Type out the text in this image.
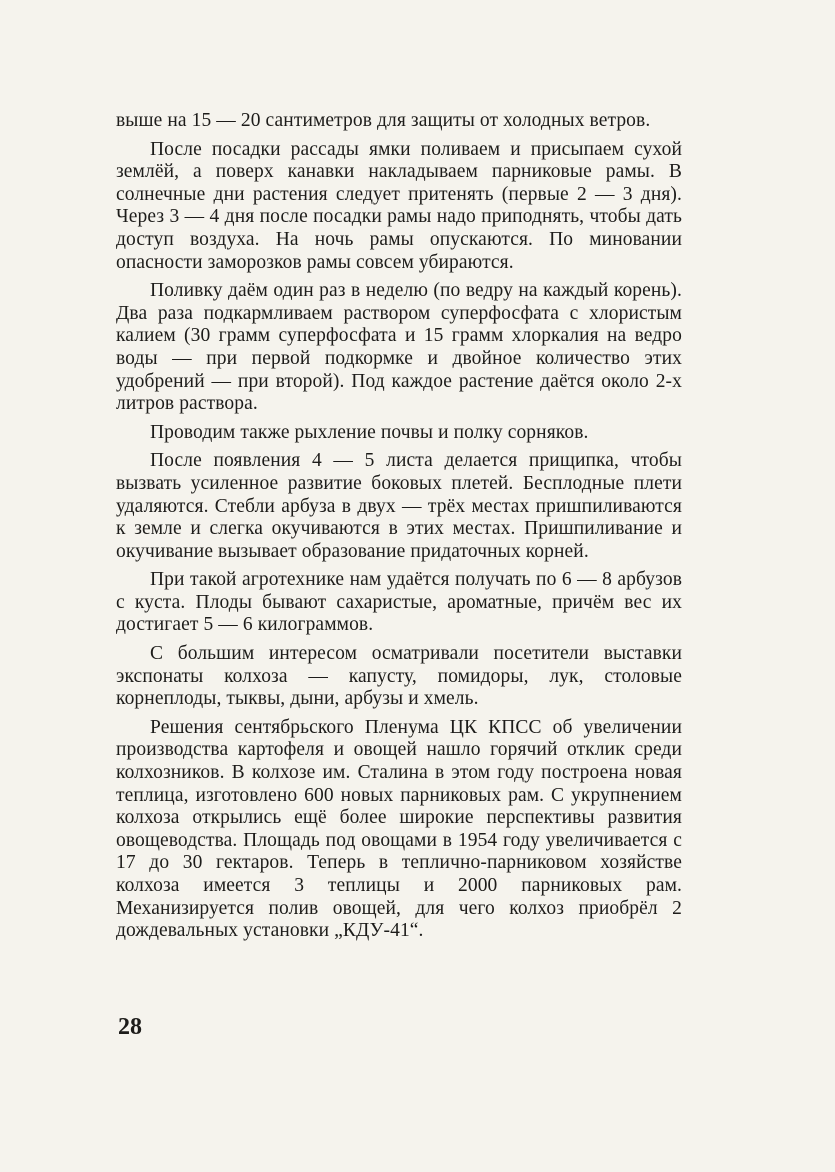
выше на 15 — 20 сантиметров для защиты от холодных ветров.

После посадки рассады ямки поливаем и присыпаем сухой землёй, а поверх канавки накладываем парниковые рамы. В солнечные дни растения следует притенять (первые 2 — 3 дня). Через 3 — 4 дня после посадки рамы надо приподнять, чтобы дать доступ воздуха. На ночь рамы опускаются. По миновании опасности заморозков рамы совсем убираются.

Поливку даём один раз в неделю (по ведру на каждый корень). Два раза подкармливаем раствором суперфосфата с хлористым калием (30 грамм суперфосфата и 15 грамм хлоркалия на ведро воды — при первой подкормке и двойное количество этих удобрений — при второй). Под каждое растение даётся около 2-х литров раствора.

Проводим также рыхление почвы и полку сорняков.

После появления 4 — 5 листа делается прищипка, чтобы вызвать усиленное развитие боковых плетей. Бесплодные плети удаляются. Стебли арбуза в двух — трёх местах пришпиливаются к земле и слегка окучиваются в этих местах. Пришпиливание и окучивание вызывает образование придаточных корней.

При такой агротехнике нам удаётся получать по 6 — 8 арбузов с куста. Плоды бывают сахаристые, ароматные, причём вес их достигает 5 — 6 килограммов.

С большим интересом осматривали посетители выставки экспонаты колхоза — капусту, помидоры, лук, столовые корнеплоды, тыквы, дыни, арбузы и хмель.

Решения сентябрьского Пленума ЦК КПСС об увеличении производства картофеля и овощей нашло горячий отклик среди колхозников. В колхозе им. Сталина в этом году построена новая теплица, изготовлено 600 новых парниковых рам. С укрупнением колхоза открылись ещё более широкие перспективы развития овощеводства. Площадь под овощами в 1954 году увеличивается с 17 до 30 гектаров. Теперь в теплично-парниковом хозяйстве колхоза имеется 3 теплицы и 2000 парниковых рам. Механизируется полив овощей, для чего колхоз приобрёл 2 дождевальных установки „КДУ-41“.

28
